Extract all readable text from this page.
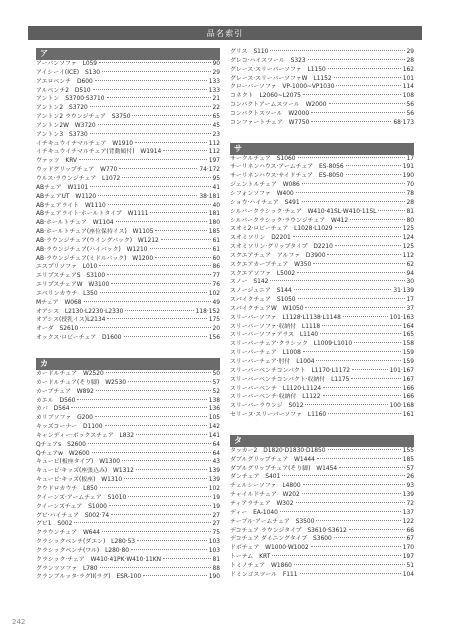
品名索引
ア
アーバンソファ　L059	90
アイシーイ(ICE)　S130	29
アエロベンチ　D600	133
アルベンチ2　D510	133
アントン　S3700·S3710	21
アントン2　S3720	22
アントン2 ラウンジチェア　S3750	65
アントン2W　W3720	45
アントン3　S3730	23
イチキュウイチマルチェア　W1910	112
イチキュウイチマルチェア(背動傾付)　W1914	112
ヴァッツ　KRV	197
ウッドグリップチェア　W770	74·172
ウルス·ラウンジチェア　L1072	95
ABチェア　W1101	41
ABチェアUT　W1120	38·181
ABチェアライト　W1110	40
ABチェアライト·ホールトタイプ　W1111	181
AB·ホールトチェア　W1104	180
AB·ホールトチェア(座位保持イス)　W1105	185
AB·ラウンジチェア(ウイングバック)　W1212	61
AB·ラウンジチェア(ハイバック)　W1210	61
AB·ラウンジチェア(ミドルバック)　W1200	60
エスプリソファ　L010	86
エリプスチェアS　S3100	77
エリプスチェアW　W3100	76
エベリンカウチ　L350	102
Mチェア　W068	49
オアシス　L2130·L2230·L2330	118·152
オアシス(授乳イス)L2134	175
オーダ　S2610	20
オックス·ロビーチェア　D1600	156
カ
カードルチェア　W2520	50
カードルチェア(そり脚)　W2530	57
カーブチェア　W892	52
カエル　D560	138
カバ　D564	136
カリブソファ　G200	105
キッズコーナー　D1100	142
キャンディー·ボックスチェア　L832	141
Qチェアs　S2600	64
Qチェアw　W2600	64
キュービ(板座タイプ)　W1300	43
キュービ·キッズ(座張込み)　W1312	139
キュービ·キッズ(板座)　W1310	139
クウドロカウチ　L850	102
クイーンズ·アームチェア　S1010	19
クイーンズチェア　S1000	19
グビ·ハイチェア　S002·74	27
グビ1　S002	27
クラウンチェア　W644	75
クラシックベンチ(ダエン)　L280·53	103
クラシックベンチ(ワル)　L280·80	103
クラシック·チェア　W410·41PK·W410·11KN	81
グランツソファ　L780	88
クランブルッタ·ラグII(ラグ)　ESR-100	190
グリス　S110	29
グレコ·ハイスツール　S323	28
グレース·スリーパーソファ　L1150	162
グレース·スリーパーソファW　L1152	101
クローバーソファ　VP-1000~VP1030	114
コネクト　L2060~L2075	108
コンパクトアームスツール　W2000	56
コンパクトスツール　W2000	56
コンファートチェア　W7750	68·173
サ
サークルチェア　S1060	17
サーリネンハウス·アームチェア　ES-8056	191
サーリネンハウス·サイドチェア　ES-8050	190
ジェントルチェア　W086	70
シフォンソファ　W400	78
ショウ·ハイチェア　S491	28
シルバークラシック·チェア　W410·41SL·W410·11SL	81
シルバークラシック·ラウンジチェア　W412	80
スオミ2·ロビーチェア　L1028·L1029	125
スオミソリン　D2201	124
スオミソリン·グリップタイプ　D2210	125
スクエアチェア　アルファ　D3900	112
スクエアカーブチェア　W350	62
スクエアソファ　L5002	94
スノー　S142	30
スノージュニア　S144	31·139
スパイクチェア　S1050	17
スパイクチェアW　W1050	37
スリーパーソファ　L1128·L1138·L1148	101·163
スリーパーソファ·収納付　L1118	164
スリーパーソファアラス　L1140	165
スリーパーチェア·クラシック　L1009·L1010	158
スリーパーチェア　L1008	159
スリーパーチェア·肘付　L1004	159
スリーパーベンチコンパクト　L1170·L1172	101·167
スリーパーベンチコンパクト·収納付　L1175	167
スリーパーベンチ　L1120·L1124	166
スリーパーベンチ·収納付　L1122	166
スリーパーラウンジ　S012	100·168
セリーヌ·スリーパーソファ　L1160	161
タ
タッカー2　D1820·D1830·D1850	155
ダブルグリップチェア　W1444	185
ダブルグリップチェア(そり脚)　W1454	57
ダンチェア　S401	26
チェルシーソファ　L4800	93
チャイルドチェア　W202	139
ティアラチェア　W302	72
ディー　EA-1040	137
テーブル·アームチェア　S3500	122
デコチェア ラウンジタイプ　S3610·S3612	66
デコチェア ダイニングタイプ　S3600	67
ドボチェア　W1000·W1002	170
トーテム　KRT	197
トミノチェア　W1860	51
ドミンゴスツール　F111	104
242
